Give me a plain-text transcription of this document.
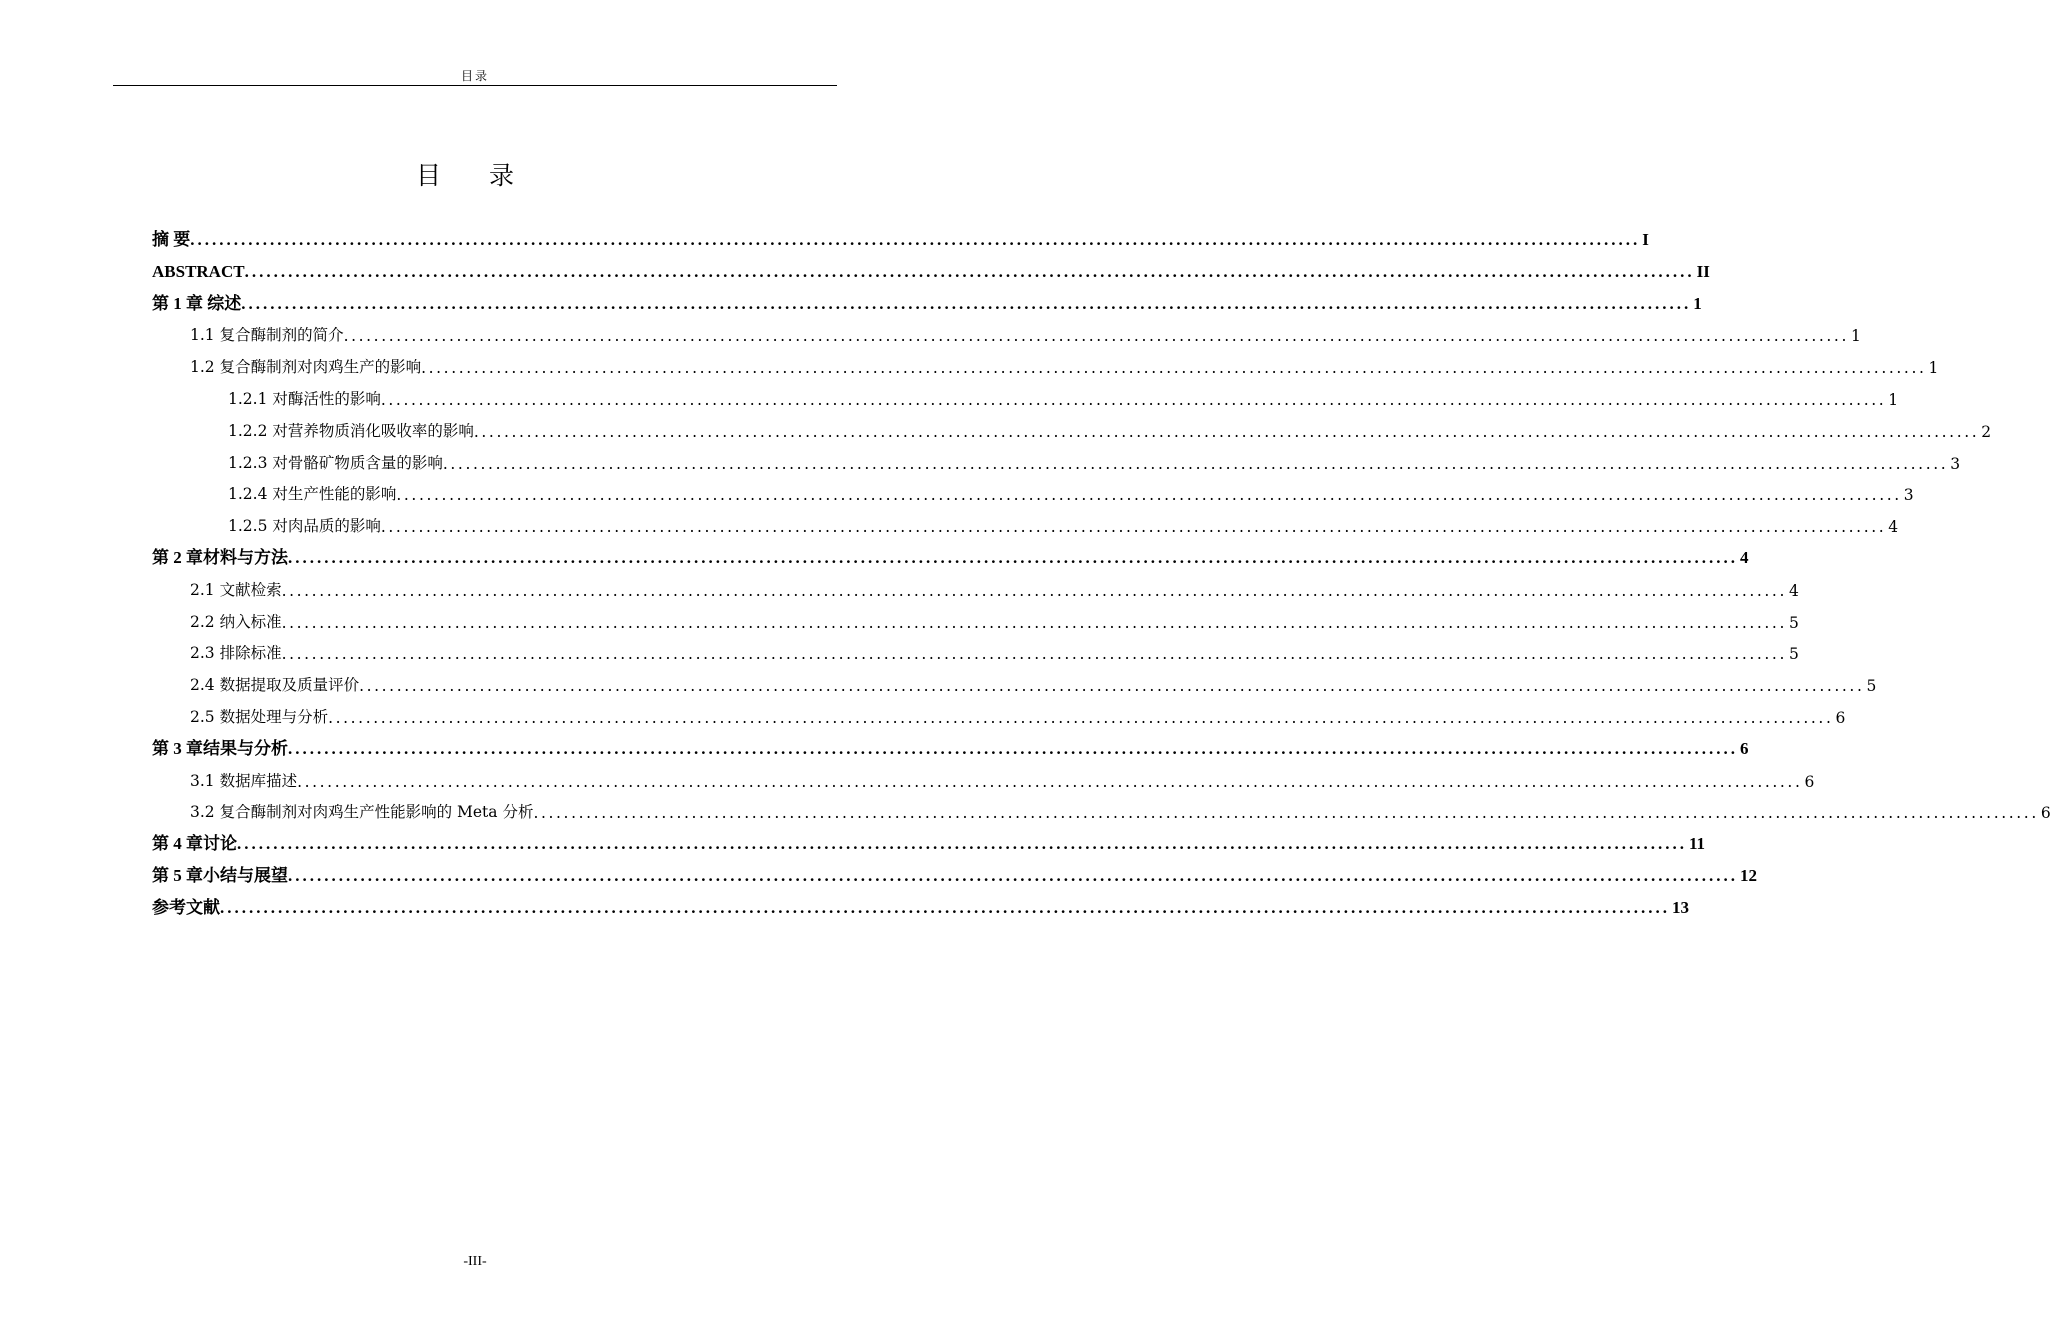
目录
目 录
摘 要 ........................................................................................................................................................................................................ I
ABSTRACT ........................................................................................................................................................................................................ II
第 1 章 综述 ........................................................................................................................................................................................................ 1
1.1 复合酶制剂的简介 ........................................................................................................................................................................................................ 1
1.2 复合酶制剂对肉鸡生产的影响 ........................................................................................................................................................................................................ 1
1.2.1 对酶活性的影响 ........................................................................................................................................................................................................ 1
1.2.2 对营养物质消化吸收率的影响 ........................................................................................................................................................................................................ 2
1.2.3 对骨骼矿物质含量的影响 ........................................................................................................................................................................................................ 3
1.2.4 对生产性能的影响 ........................................................................................................................................................................................................ 3
1.2.5 对肉品质的影响 ........................................................................................................................................................................................................ 4
第 2 章材料与方法 ........................................................................................................................................................................................................ 4
2.1 文献检索 ........................................................................................................................................................................................................ 4
2.2 纳入标准 ........................................................................................................................................................................................................ 5
2.3 排除标准 ........................................................................................................................................................................................................ 5
2.4 数据提取及质量评价 ........................................................................................................................................................................................................ 5
2.5 数据处理与分析 ........................................................................................................................................................................................................ 6
第 3 章结果与分析 ........................................................................................................................................................................................................ 6
3.1 数据库描述 ........................................................................................................................................................................................................ 6
3.2 复合酶制剂对肉鸡生产性能影响的 Meta 分析 ........................................................................................................................................................................................................ 6
第 4 章讨论 ........................................................................................................................................................................................................ 11
第 5 章小结与展望 ........................................................................................................................................................................................................ 12
参考文献 ........................................................................................................................................................................................................ 13
-III-
